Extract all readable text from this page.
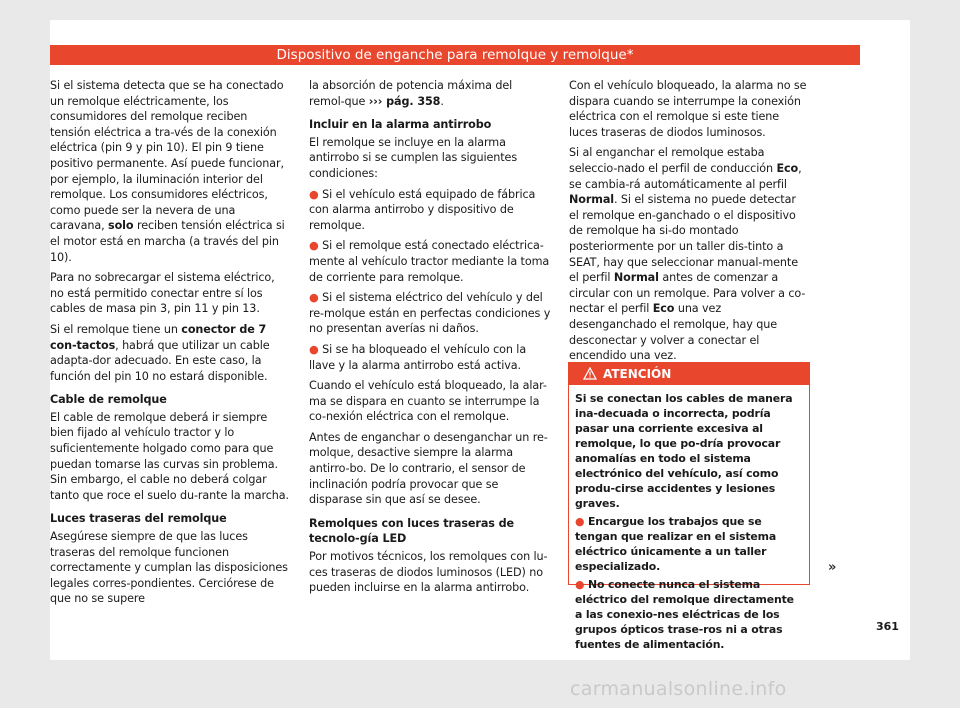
Dispositivo de enganche para remolque y remolque*

Si el sistema detecta que se ha conectado un remolque eléctricamente, los consumidores del remolque reciben tensión eléctrica a tra-vés de la conexión eléctrica (pin 9 y pin 10). El pin 9 tiene positivo permanente. Así puede funcionar, por ejemplo, la iluminación interior del remolque. Los consumidores eléctricos, como puede ser la nevera de una caravana, solo reciben tensión eléctrica si el motor está en marcha (a través del pin 10).

Para no sobrecargar el sistema eléctrico, no está permitido conectar entre sí los cables de masa pin 3, pin 11 y pin 13.

Si el remolque tiene un conector de 7 con-tactos, habrá que utilizar un cable adapta-dor adecuado. En este caso, la función del pin 10 no estará disponible.

Cable de remolque

El cable de remolque deberá ir siempre bien fijado al vehículo tractor y lo suficientemente holgado como para que puedan tomarse las curvas sin problema. Sin embargo, el cable no deberá colgar tanto que roce el suelo du-rante la marcha.

Luces traseras del remolque

Asegúrese siempre de que las luces traseras del remolque funcionen correctamente y cumplan las disposiciones legales corres-pondientes. Cerciórese de que no se supere

la absorción de potencia máxima del remol-que ››› pág. 358.

Incluir en la alarma antirrobo

El remolque se incluye en la alarma antirrobo si se cumplen las siguientes condiciones:

● Si el vehículo está equipado de fábrica con alarma antirrobo y dispositivo de remolque.

● Si el remolque está conectado eléctrica-mente al vehículo tractor mediante la toma de corriente para remolque.

● Si el sistema eléctrico del vehículo y del re-molque están en perfectas condiciones y no presentan averías ni daños.

● Si se ha bloqueado el vehículo con la llave y la alarma antirrobo está activa.

Cuando el vehículo está bloqueado, la alar-ma se dispara en cuanto se interrumpe la co-nexión eléctrica con el remolque.

Antes de enganchar o desenganchar un re-molque, desactive siempre la alarma antirro-bo. De lo contrario, el sensor de inclinación podría provocar que se disparase sin que así se desee.

Remolques con luces traseras de tecnolo-gía LED

Por motivos técnicos, los remolques con lu-ces traseras de diodos luminosos (LED) no pueden incluirse en la alarma antirrobo.

Con el vehículo bloqueado, la alarma no se dispara cuando se interrumpe la conexión eléctrica con el remolque si este tiene luces traseras de diodos luminosos.

Si al enganchar el remolque estaba seleccio-nado el perfil de conducción Eco, se cambia-rá automáticamente al perfil Normal. Si el sistema no puede detectar el remolque en-ganchado o el dispositivo de remolque ha si-do montado posteriormente por un taller dis-tinto a SEAT, hay que seleccionar manual-mente el perfil Normal antes de comenzar a circular con un remolque. Para volver a co-nectar el perfil Eco una vez desenganchado el remolque, hay que desconectar y volver a conectar el encendido una vez.

ATENCIÓN

Si se conectan los cables de manera ina-decuada o incorrecta, podría pasar una corriente excesiva al remolque, lo que po-dría provocar anomalías en todo el sistema electrónico del vehículo, así como produ-cirse accidentes y lesiones graves.

● Encargue los trabajos que se tengan que realizar en el sistema eléctrico únicamente a un taller especializado.

● No conecte nunca el sistema eléctrico del remolque directamente a las conexio-nes eléctricas de los grupos ópticos trase-ros ni a otras fuentes de alimentación.

»
361
carmanualsonline.info
